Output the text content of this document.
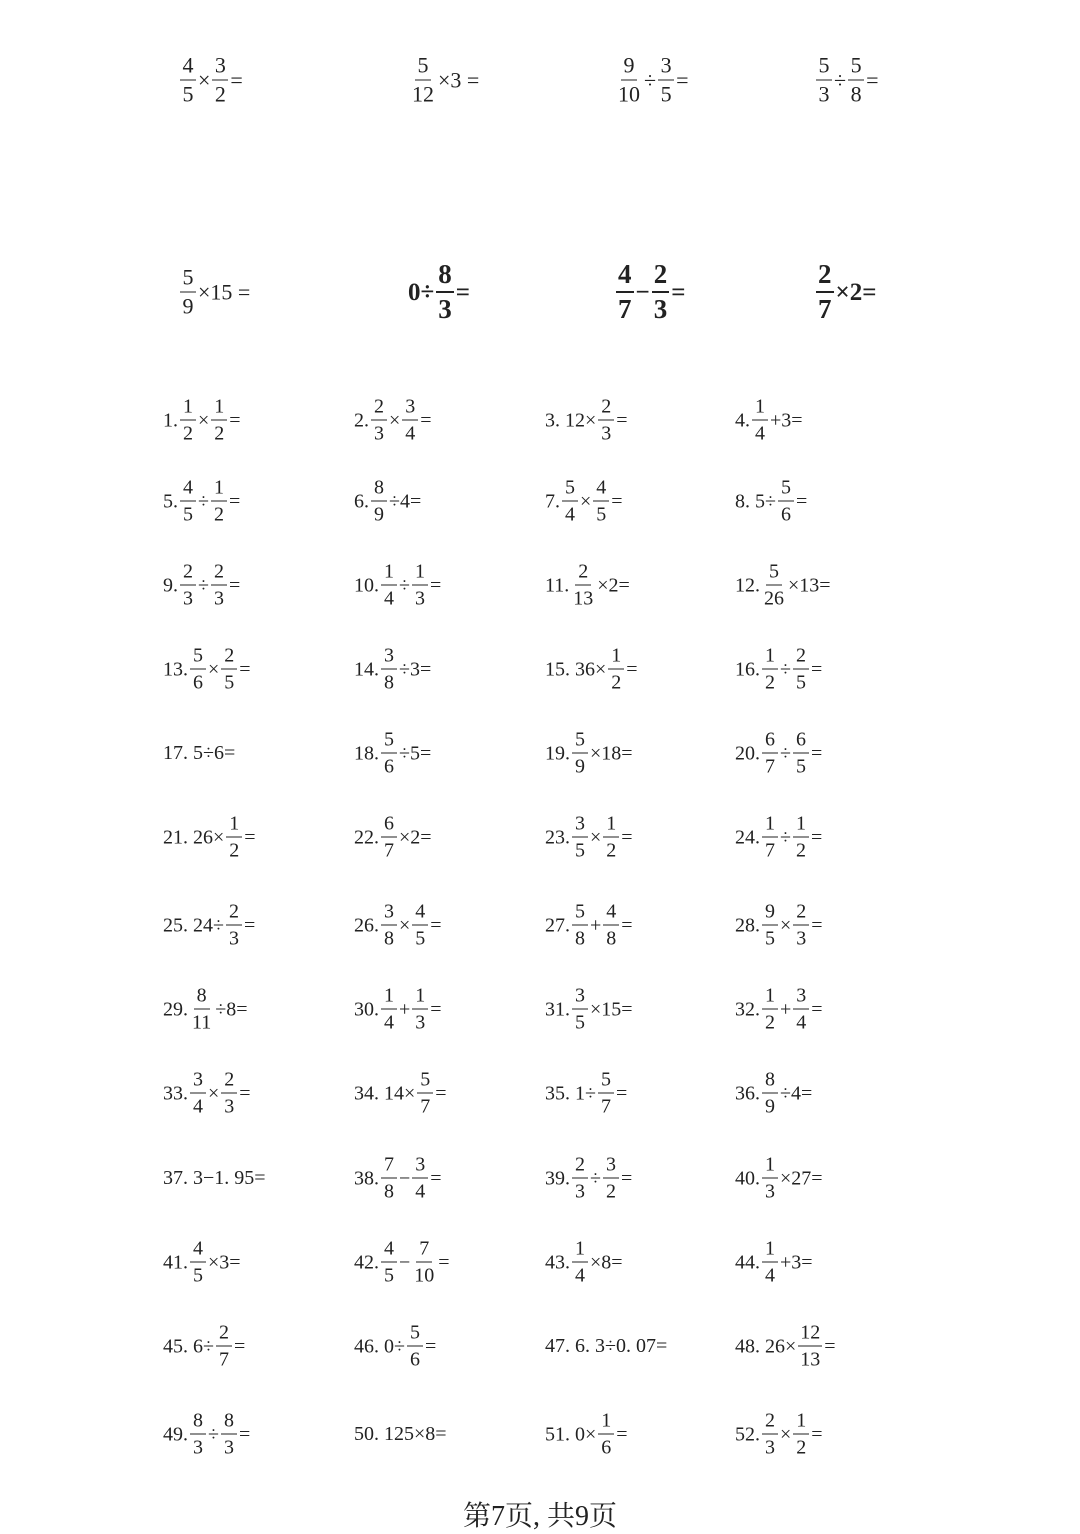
$\frac{4}{5} \times \frac{3}{2}$ =	$\frac{5}{12} \times 3$ =	$\frac{9}{10} \div \frac{3}{5}$ =	$\frac{5}{3} \div \frac{5}{8}$ =
$\frac{5}{9} \times 15$ =	$0\div \frac{8}{3}$ =	$\frac{4}{7} - \frac{2}{3}$ =	$\frac{2}{7} \times 2=$
1. $\frac{1}{2} \times \frac{1}{2}$ =	2. $\frac{2}{3} \times \frac{3}{4}$ =	3. $12\times \frac{2}{3}$ =	4. $\frac{1}{4} +3=$
5. $\frac{4}{5} \div \frac{1}{2}$ =	6. $\frac{8}{9} \div 4=$	7. $\frac{5}{4} \times \frac{4}{5}$ =	8. $5\div \frac{5}{6}$ =
9. $\frac{2}{3} \div \frac{2}{3}$ =	10. $\frac{1}{4} \div \frac{1}{3}$ =	11. $\frac{2}{13} \times 2=$	12. $\frac{5}{26} \times 13=$
13. $\frac{5}{6} \times \frac{2}{5}$ =	14. $\frac{3}{8} \div 3=$	15. $36\times \frac{1}{2}$ =	16. $\frac{1}{2} \div \frac{2}{5}$ =
17. 5÷6=	18. $\frac{5}{6} \div 5=$	19. $\frac{5}{9} \times 18=$	20. $\frac{6}{7} \div \frac{6}{5}$ =
21. $26\times \frac{1}{2}$ =	22. $\frac{6}{7} \times 2=$	23. $\frac{3}{5} \times \frac{1}{2}$ =	24. $\frac{1}{7} \div \frac{1}{2}$ =
25. $24\div \frac{2}{3}$ =	26. $\frac{3}{8} \times \frac{4}{5}$ =	27. $\frac{5}{8} + \frac{4}{8}$ =	28. $\frac{9}{5} \times \frac{2}{3}$ =
29. $\frac{8}{11} \div 8=$	30. $\frac{1}{4} + \frac{1}{3}$ =	31. $\frac{3}{5} \times 15=$	32. $\frac{1}{2} + \frac{3}{4}$ =
33. $\frac{3}{4} \times \frac{2}{3}$ =	34. $14\times \frac{5}{7}$ =	35. $1\div \frac{5}{7}$ =	36. $\frac{8}{9} \div 4=$
37. 3−1. 95=	38. $\frac{7}{8} - \frac{3}{4}$ =	39. $\frac{2}{3} \div \frac{3}{2}$ =	40. $\frac{1}{3} \times 27=$
41. $\frac{4}{5} \times 3=$	42. $\frac{4}{5} - \frac{7}{10}$ =	43. $\frac{1}{4} \times 8=$	44. $\frac{1}{4} +3=$
45. $6\div \frac{2}{7}$ =	46. $0\div \frac{5}{6}$ =	47. 6. 3÷0. 07=	48. $26\times \frac{12}{13}$ =
49. $\frac{8}{3} \div \frac{8}{3}$ =	50. 125×8=	51. $0\times \frac{1}{6}$ =	52. $\frac{2}{3} \times \frac{1}{2}$ =
第7页, 共9页
